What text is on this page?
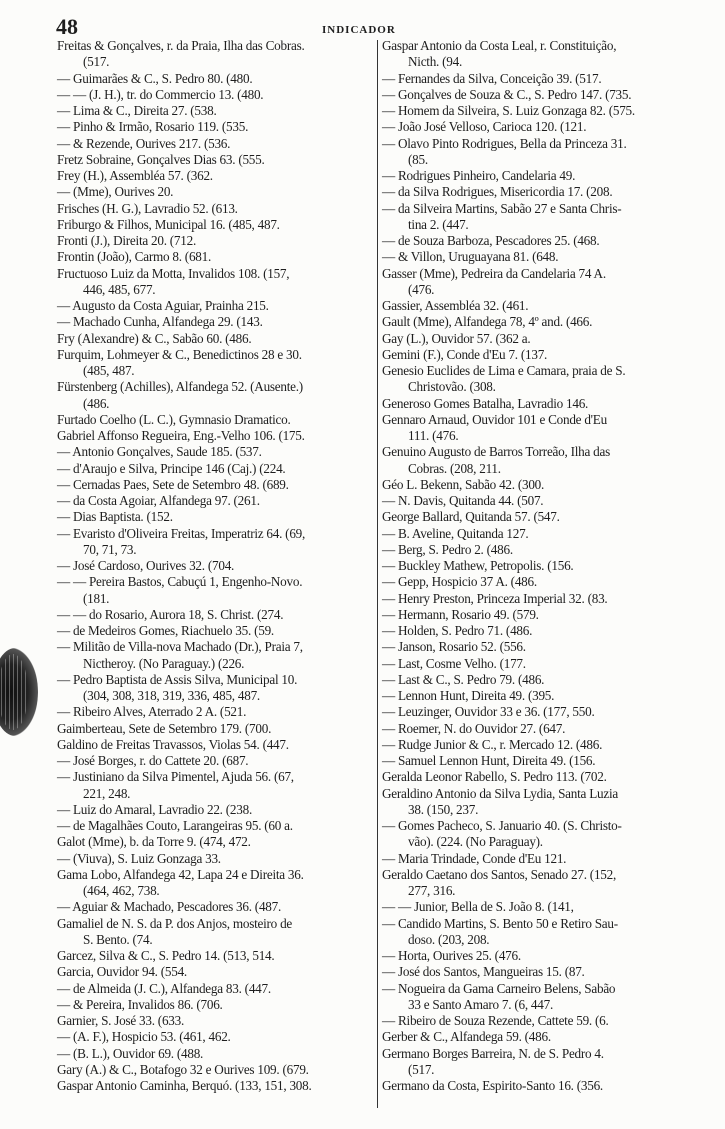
48	INDICADOR
Freitas & Gonçalves, r. da Praia, Ilha das Cobras.
(517.
— Guimarães & C., S. Pedro 80. (480.
— — (J. H.), tr. do Commercio 13. (480.
— Lima & C., Direita 27. (538.
— Pinho & Irmão, Rosario 119. (535.
— & Rezende, Ourives 217. (536.
Fretz Sobraine, Gonçalves Dias 63. (555.
Frey (H.), Assembléa 57. (362.
— (Mme), Ourives 20.
Frisches (H. G.), Lavradio 52. (613.
Friburgo & Filhos, Municipal 16. (485, 487.
Fronti (J.), Direita 20. (712.
Frontin (João), Carmo 8. (681.
Fructuoso Luiz da Motta, Invalidos 108. (157,
446, 485, 677.
— Augusto da Costa Aguiar, Prainha 215.
— Machado Cunha, Alfandega 29. (143.
Fry (Alexandre) & C., Sabão 60. (486.
Furquim, Lohmeyer & C., Benedictinos 28 e 30.
(485, 487.
Fürstenberg (Achilles), Alfandega 52. (Ausente.)
(486.
Furtado Coelho (L. C.), Gymnasio Dramatico.
Gabriel Affonso Regueira, Eng.-Velho 106. (175.
— Antonio Gonçalves, Saude 185. (537.
— d'Araujo e Silva, Principe 146 (Caj.) (224.
— Cernadas Paes, Sete de Setembro 48. (689.
— da Costa Agoiar, Alfandega 97. (261.
— Dias Baptista. (152.
— Evaristo d'Oliveira Freitas, Imperatriz 64. (69,
70, 71, 73.
— José Cardoso, Ourives 32. (704.
— — Pereira Bastos, Cabuçú 1, Engenho-Novo.
(181.
— — do Rosario, Aurora 18, S. Christ. (274.
— de Medeiros Gomes, Riachuelo 35. (59.
— Militão de Villa-nova Machado (Dr.), Praia 7,
Nictheroy. (No Paraguay.) (226.
— Pedro Baptista de Assis Silva, Municipal 10.
(304, 308, 318, 319, 336, 485, 487.
— Ribeiro Alves, Aterrado 2 A. (521.
Gaimberteau, Sete de Setembro 179. (700.
Galdino de Freitas Travassos, Violas 54. (447.
— José Borges, r. do Cattete 20. (687.
— Justiniano da Silva Pimentel, Ajuda 56. (67,
221, 248.
— Luiz do Amaral, Lavradio 22. (238.
— de Magalhães Couto, Larangeiras 95. (60 a.
Galot (Mme), b. da Torre 9. (474, 472.
— (Viuva), S. Luiz Gonzaga 33.
Gama Lobo, Alfandega 42, Lapa 24 e Direita 36.
(464, 462, 738.
— Aguiar & Machado, Pescadores 36. (487.
Gamaliel de N. S. da P. dos Anjos, mosteiro de
S. Bento. (74.
Garcez, Silva & C., S. Pedro 14. (513, 514.
Garcia, Ouvidor 94. (554.
— de Almeida (J. C.), Alfandega 83. (447.
— & Pereira, Invalidos 86. (706.
Garnier, S. José 33. (633.
— (A. F.), Hospicio 53. (461, 462.
— (B. L.), Ouvidor 69. (488.
Gary (A.) & C., Botafogo 32 e Ourives 109. (679.
Gaspar Antonio Caminha, Berquó. (133, 151, 308.
Gaspar Antonio da Costa Leal, r. Constituição,
Nicth. (94.
— Fernandes da Silva, Conceição 39. (517.
— Gonçalves de Souza & C., S. Pedro 147. (735.
— Homem da Silveira, S. Luiz Gonzaga 82. (575.
— João José Velloso, Carioca 120. (121.
— Olavo Pinto Rodrigues, Bella da Princeza 31.
(85.
— Rodrigues Pinheiro, Candelaria 49.
— da Silva Rodrigues, Misericordia 17. (208.
— da Silveira Martins, Sabão 27 e Santa Chris-
tina 2. (447.
— de Souza Barboza, Pescadores 25. (468.
— & Villon, Uruguayana 81. (648.
Gasser (Mme), Pedreira da Candelaria 74 A.
(476.
Gassier, Assembléa 32. (461.
Gault (Mme), Alfandega 78, 4º and. (466.
Gay (L.), Ouvidor 57. (362 a.
Gemini (F.), Conde d'Eu 7. (137.
Genesio Euclides de Lima e Camara, praia de S.
Christovão. (308.
Generoso Gomes Batalha, Lavradio 146.
Gennaro Arnaud, Ouvidor 101 e Conde d'Eu
111. (476.
Genuino Augusto de Barros Torreão, Ilha das
Cobras. (208, 211.
Géo L. Bekenn, Sabão 42. (300.
— N. Davis, Quitanda 44. (507.
George Ballard, Quitanda 57. (547.
— B. Aveline, Quitanda 127.
— Berg, S. Pedro 2. (486.
— Buckley Mathew, Petropolis. (156.
— Gepp, Hospicio 37 A. (486.
— Henry Preston, Princeza Imperial 32. (83.
— Hermann, Rosario 49. (579.
— Holden, S. Pedro 71. (486.
— Janson, Rosario 52. (556.
— Last, Cosme Velho. (177.
— Last & C., S. Pedro 79. (486.
— Lennon Hunt, Direita 49. (395.
— Leuzinger, Ouvidor 33 e 36. (177, 550.
— Roemer, N. do Ouvidor 27. (647.
— Rudge Junior & C., r. Mercado 12. (486.
— Samuel Lennon Hunt, Direita 49. (156.
Geralda Leonor Rabello, S. Pedro 113. (702.
Geraldino Antonio da Silva Lydia, Santa Luzia
38. (150, 237.
— Gomes Pacheco, S. Januario 40. (S. Christo-
vão). (224. (No Paraguay).
— Maria Trindade, Conde d'Eu 121.
Geraldo Caetano dos Santos, Senado 27. (152,
277, 316.
— — Junior, Bella de S. João 8. (141,
— Candido Martins, S. Bento 50 e Retiro Sau-
doso. (203, 208.
— Horta, Ourives 25. (476.
— José dos Santos, Mangueiras 15. (87.
— Nogueira da Gama Carneiro Belens, Sabão
33 e Santo Amaro 7. (6, 447.
— Ribeiro de Souza Rezende, Cattete 59. (6.
Gerber & C., Alfandega 59. (486.
Germano Borges Barreira, N. de S. Pedro 4.
(517.
Germano da Costa, Espirito-Santo 16. (356.
